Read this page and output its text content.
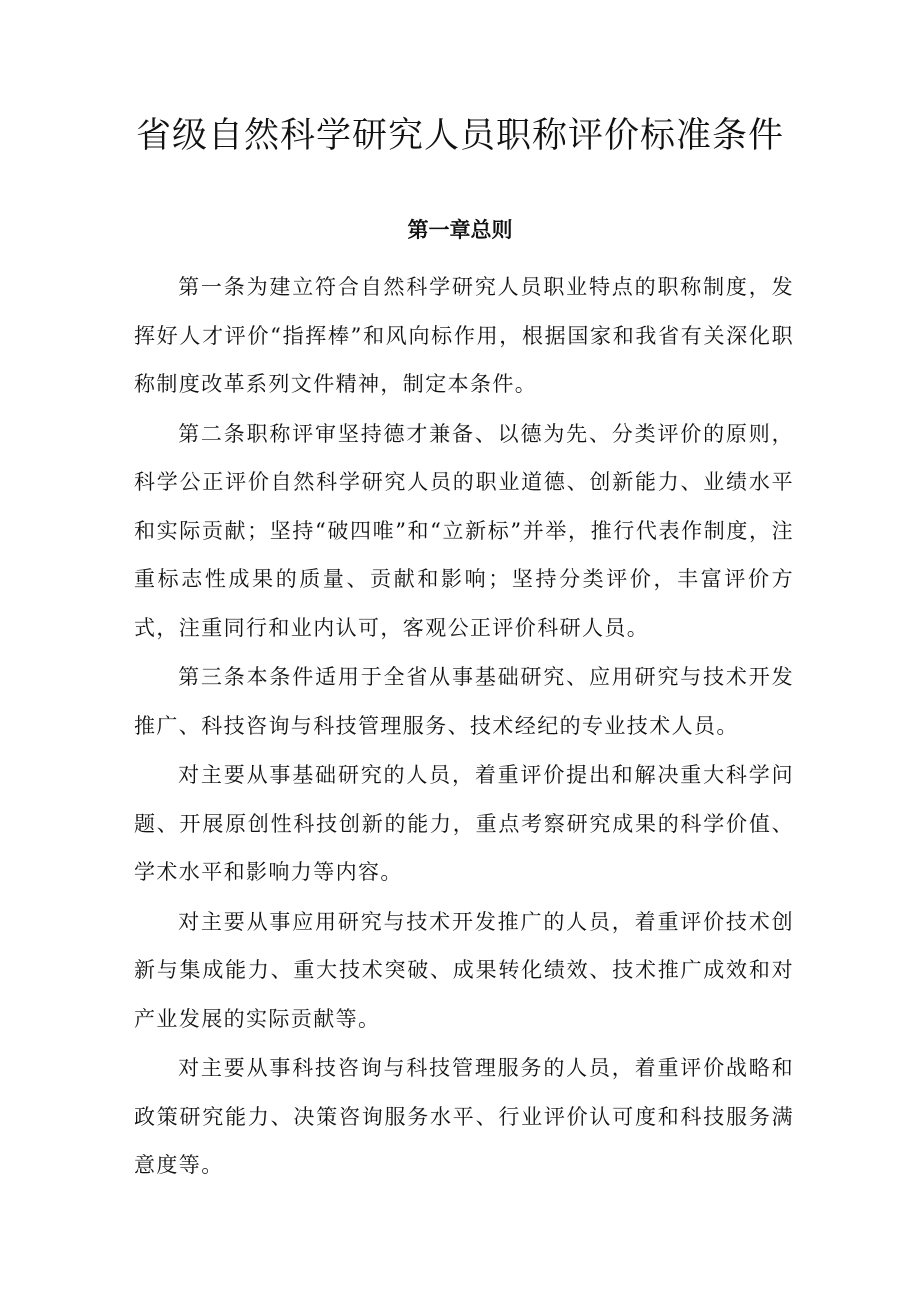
省级自然科学研究人员职称评价标准条件
第一章总则

第一条为建立符合自然科学研究人员职业特点的职称制度，发挥好人才评价“指挥棒”和风向标作用，根据国家和我省有关深化职称制度改革系列文件精神，制定本条件。

第二条职称评审坚持德才兼备、以德为先、分类评价的原则，科学公正评价自然科学研究人员的职业道德、创新能力、业绩水平和实际贡献；坚持“破四唯”和“立新标”并举，推行代表作制度，注重标志性成果的质量、贡献和影响；坚持分类评价，丰富评价方式，注重同行和业内认可，客观公正评价科研人员。

第三条本条件适用于全省从事基础研究、应用研究与技术开发推广、科技咨询与科技管理服务、技术经纪的专业技术人员。

对主要从事基础研究的人员，着重评价提出和解决重大科学问题、开展原创性科技创新的能力，重点考察研究成果的科学价值、学术水平和影响力等内容。

对主要从事应用研究与技术开发推广的人员，着重评价技术创新与集成能力、重大技术突破、成果转化绩效、技术推广成效和对产业发展的实际贡献等。

对主要从事科技咨询与科技管理服务的人员，着重评价战略和政策研究能力、决策咨询服务水平、行业评价认可度和科技服务满意度等。
